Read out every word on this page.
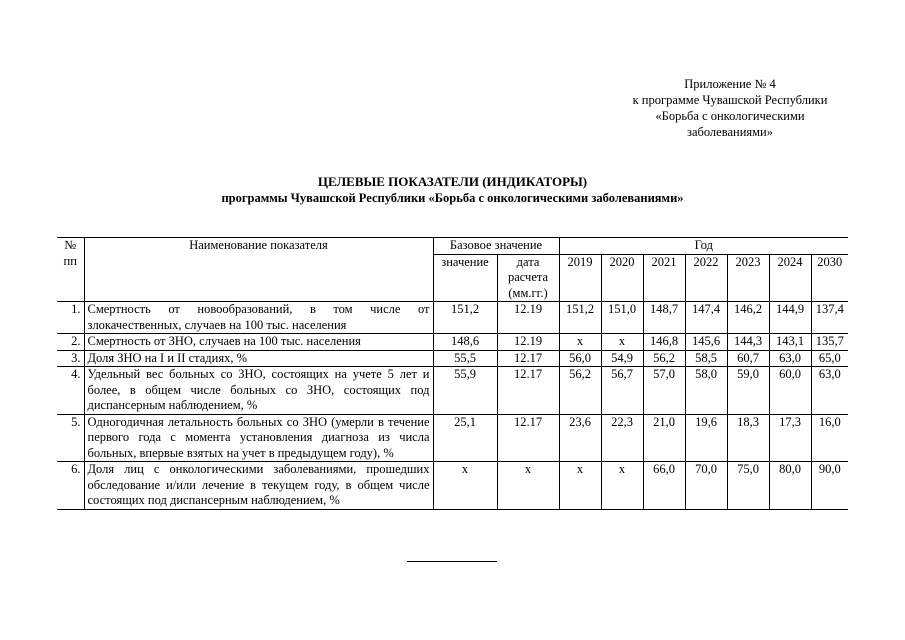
Приложение № 4
к программе Чувашской Республики
«Борьба с онкологическими
заболеваниями»
ЦЕЛЕВЫЕ ПОКАЗАТЕЛИ (ИНДИКАТОРЫ)
программы Чувашской Республики «Борьба с онкологическими заболеваниями»
№ пп	Наименование показателя	Базовое значение		Год						
		значение	дата расчета (мм.гг.)	2019	2020	2021	2022	2023	2024	2030
1.	Смертность от новообразований, в том числе от злокачественных, случаев на 100 тыс. населения	151,2	12.19	151,2	151,0	148,7	147,4	146,2	144,9	137,4
2.	Смертность от ЗНО, случаев на 100 тыс. населения	148,6	12.19	x	x	146,8	145,6	144,3	143,1	135,7
3.	Доля ЗНО на I и II стадиях, %	55,5	12.17	56,0	54,9	56,2	58,5	60,7	63,0	65,0
4.	Удельный вес больных со ЗНО, состоящих на учете 5 лет и более, в общем числе больных со ЗНО, состоящих под диспансерным наблюдением, %	55,9	12.17	56,2	56,7	57,0	58,0	59,0	60,0	63,0
5.	Одногодичная летальность больных со ЗНО (умерли в течение первого года с момента установления диагноза из числа больных, впервые взятых на учет в предыдущем году), %	25,1	12.17	23,6	22,3	21,0	19,6	18,3	17,3	16,0
6.	Доля лиц с онкологическими заболеваниями, прошедших обследование и/или лечение в текущем году, в общем числе состоящих под диспансерным наблюдением, %	x	x	x	x	66,0	70,0	75,0	80,0	90,0
